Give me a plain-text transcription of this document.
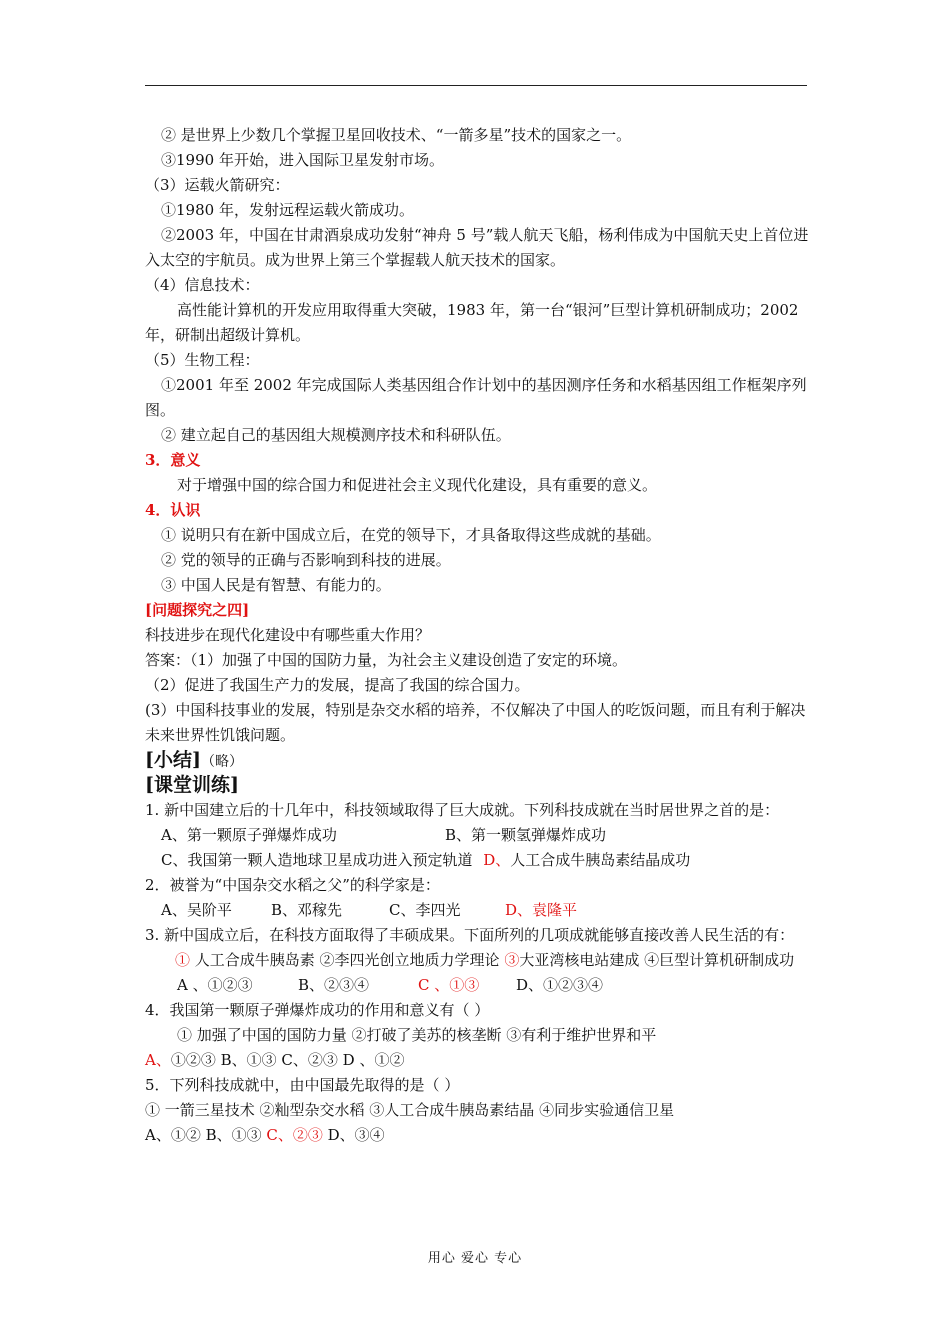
② 是世界上少数几个掌握卫星回收技术、“一箭多星”技术的国家之一。
③1990 年开始，进入国际卫星发射市场。
（3）运载火箭研究：
①1980 年，发射远程运载火箭成功。
②2003 年，中国在甘肃酒泉成功发射“神舟 5 号”载人航天飞船，杨利伟成为中国航天史上首位进入太空的宇航员。成为世界上第三个掌握载人航天技术的国家。
（4）信息技术：
高性能计算机的开发应用取得重大突破，1983 年，第一台“银河”巨型计算机研制成功；2002 年，研制出超级计算机。
（5）生物工程：
①2001 年至 2002 年完成国际人类基因组合作计划中的基因测序任务和水稻基因组工作框架序列图。
② 建立起自己的基因组大规模测序技术和科研队伍。
3．意义
对于增强中国的综合国力和促进社会主义现代化建设，具有重要的意义。
4．认识
① 说明只有在新中国成立后，在党的领导下，才具备取得这些成就的基础。
② 党的领导的正确与否影响到科技的进展。
③ 中国人民是有智慧、有能力的。
[问题探究之四]
科技进步在现代化建设中有哪些重大作用？
答案：（1）加强了中国的国防力量，为社会主义建设创造了安定的环境。
（2）促进了我国生产力的发展，提高了我国的综合国力。
(3）中国科技事业的发展，特别是杂交水稻的培养，不仅解决了中国人的吃饭问题，而且有利于解决未来世界性饥饿问题。
[小结]（略）
[课堂训练]
1. 新中国建立后的十几年中，科技领域取得了巨大成就。下列科技成就在当时居世界之首的是：
A、第一颗原子弹爆炸成功	B、第一颗氢弹爆炸成功
C、我国第一颗人造地球卫星成功进入预定轨道 D、人工合成牛胰岛素结晶成功
2．被誉为“中国杂交水稻之父”的科学家是：
A、吴阶平	B、邓稼先	C、李四光	D、袁隆平
3. 新中国成立后，在科技方面取得了丰硕成果。下面所列的几项成就能够直接改善人民生活的有：
① 人工合成牛胰岛素 ②李四光创立地质力学理论 ③大亚湾核电站建成 ④巨型计算机研制成功
A 、①②③	B、②③④	C 、①③ D、①②③④
4．我国第一颗原子弹爆炸成功的作用和意义有（ ）
① 加强了中国的国防力量 ②打破了美苏的核垄断 ③有利于维护世界和平
A、①②③ B、①③ C、②③ D 、①②
5．下列科技成就中，由中国最先取得的是（ ）
① 一箭三星技术 ②籼型杂交水稻 ③人工合成牛胰岛素结晶 ④同步实验通信卫星
A、①② B、①③ C、②③ D、③④
用心 爱心 专心
